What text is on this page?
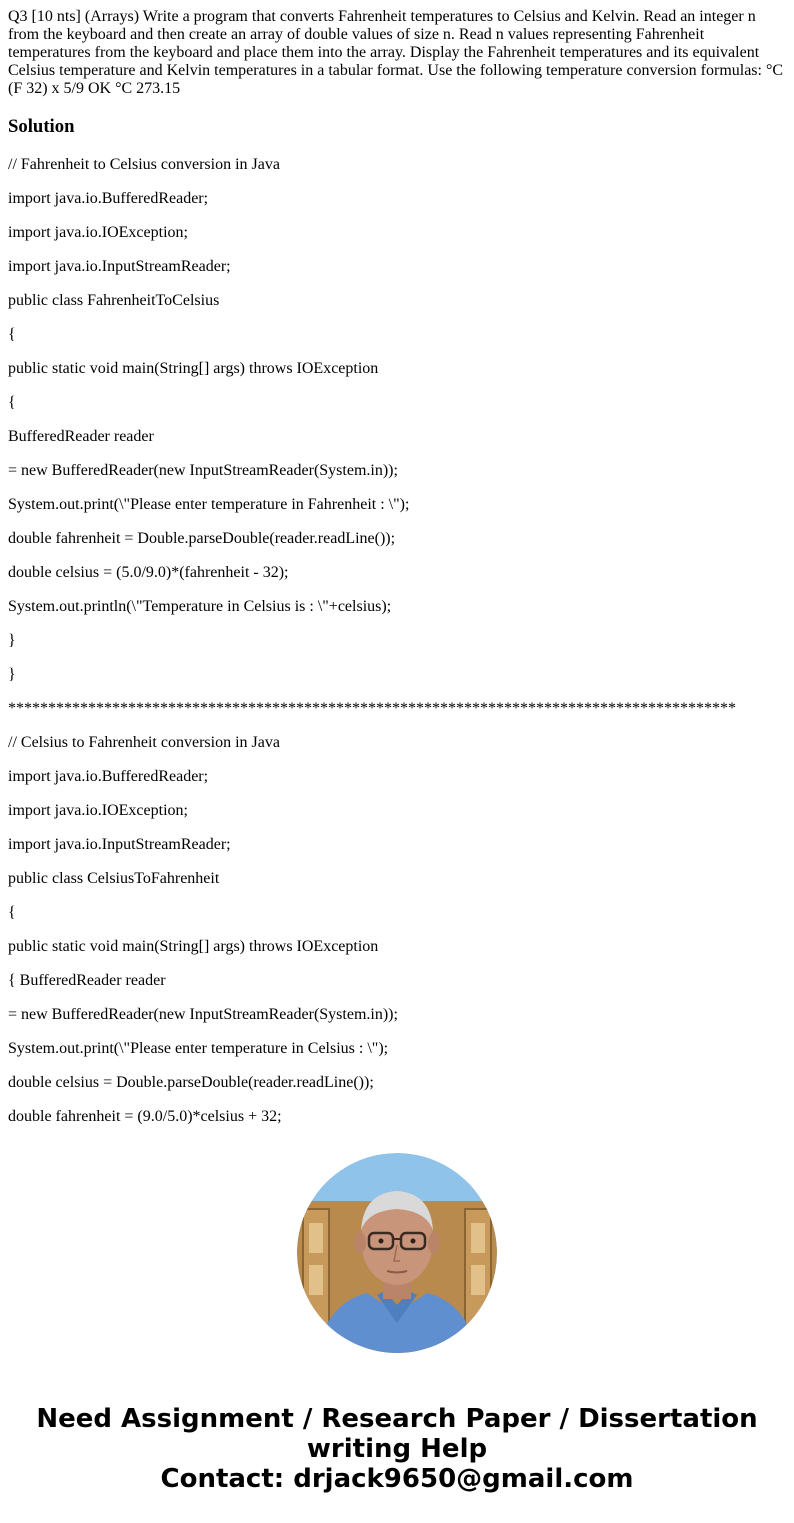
Q3 [10 nts] (Arrays) Write a program that converts Fahrenheit temperatures to Celsius and Kelvin. Read an integer n from the keyboard and then create an array of double values of size n. Read n values representing Fahrenheit temperatures from the keyboard and place them into the array. Display the Fahrenheit temperatures and its equivalent Celsius temperature and Kelvin temperatures in a tabular format. Use the following temperature conversion formulas: °C (F 32) x 5/9 OK °C 273.15

Solution
// Fahrenheit to Celsius conversion in Java
import java.io.BufferedReader;
import java.io.IOException;
import java.io.InputStreamReader;
public class FahrenheitToCelsius
{
public static void main(String[] args) throws IOException
{
BufferedReader reader
= new BufferedReader(new InputStreamReader(System.in));
System.out.print(\"Please enter temperature in Fahrenheit : \");
double fahrenheit = Double.parseDouble(reader.readLine());
double celsius = (5.0/9.0)*(fahrenheit - 32);
System.out.println(\"Temperature in Celsius is : \"+celsius);
}
}
*******************************************************************************************
// Celsius to Fahrenheit conversion in Java
import java.io.BufferedReader;
import java.io.IOException;
import java.io.InputStreamReader;
public class CelsiusToFahrenheit
{
public static void main(String[] args) throws IOException
{ BufferedReader reader
= new BufferedReader(new InputStreamReader(System.in));
System.out.print(\"Please enter temperature in Celsius : \");
double celsius = Double.parseDouble(reader.readLine());
double fahrenheit = (9.0/5.0)*celsius + 32;
Need Assignment / Research Paper / Dissertation
writing Help
Contact: drjack9650@gmail.com
